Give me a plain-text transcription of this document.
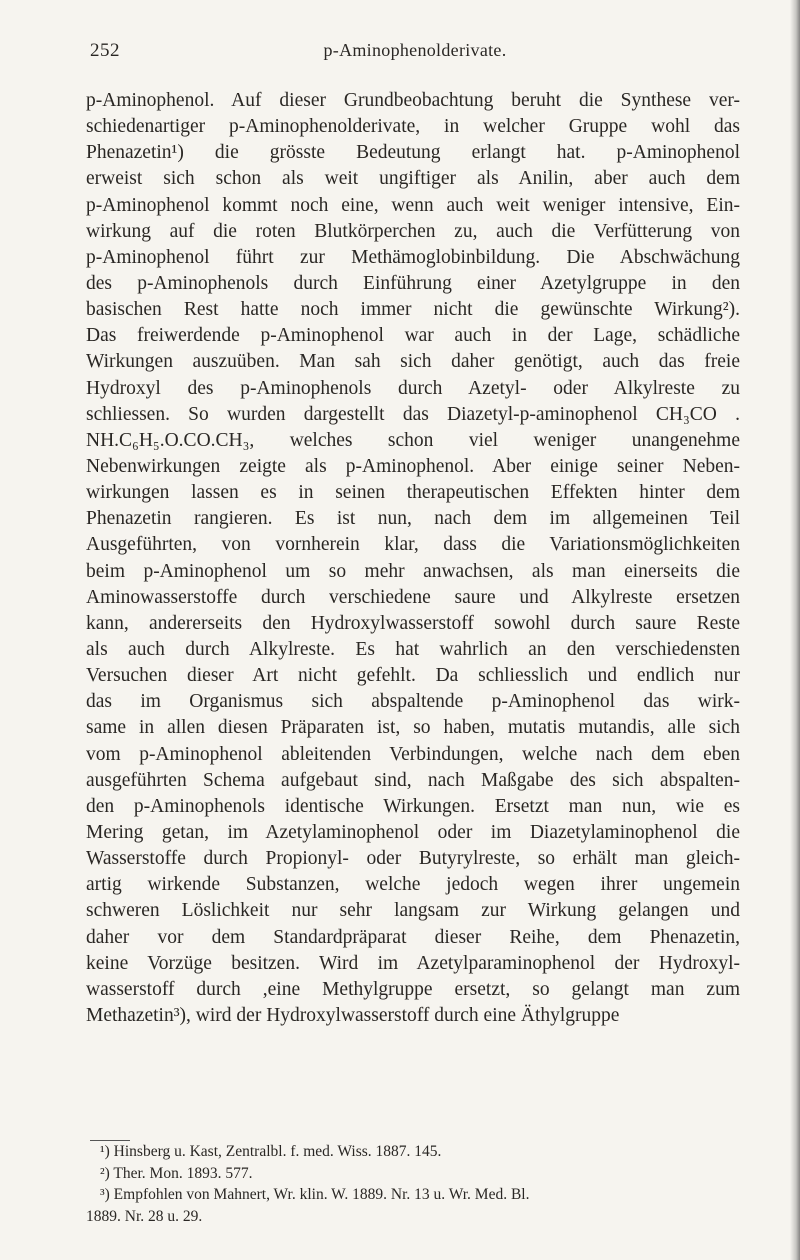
252	p-Aminophenolderivate.
p-Aminophenol. Auf dieser Grundbeobachtung beruht die Synthese ver-
schiedenartiger p-Aminophenolderivate, in welcher Gruppe wohl das
Phenazetin¹) die grösste Bedeutung erlangt hat. p-Aminophenol
erweist sich schon als weit ungiftiger als Anilin, aber auch dem
p-Aminophenol kommt noch eine, wenn auch weit weniger intensive, Ein-
wirkung auf die roten Blutkörperchen zu, auch die Verfütterung von
p-Aminophenol führt zur Methämoglobinbildung. Die Abschwächung
des p-Aminophenols durch Einführung einer Azetylgruppe in den
basischen Rest hatte noch immer nicht die gewünschte Wirkung²).
Das freiwerdende p-Aminophenol war auch in der Lage, schädliche
Wirkungen auszuüben. Man sah sich daher genötigt, auch das freie
Hydroxyl des p-Aminophenols durch Azetyl- oder Alkylreste zu
schliessen. So wurden dargestellt das Diazetyl-p-aminophenol CH₃CO .
NH.C₆H₅.O.CO.CH₃, welches schon viel weniger unangenehme
Nebenwirkungen zeigte als p-Aminophenol. Aber einige seiner Neben-
wirkungen lassen es in seinen therapeutischen Effekten hinter dem
Phenazetin rangieren. Es ist nun, nach dem im allgemeinen Teil
Ausgeführten, von vornherein klar, dass die Variationsmöglichkeiten
beim p-Aminophenol um so mehr anwachsen, als man einerseits die
Aminowasserstoffe durch verschiedene saure und Alkylreste ersetzen
kann, andererseits den Hydroxylwasserstoff sowohl durch saure Reste
als auch durch Alkylreste. Es hat wahrlich an den verschiedensten
Versuchen dieser Art nicht gefehlt. Da schliesslich und endlich nur
das im Organismus sich abspaltende p-Aminophenol das wirk-
same in allen diesen Präparaten ist, so haben, mutatis mutandis, alle sich
vom p-Aminophenol ableitenden Verbindungen, welche nach dem eben
ausgeführten Schema aufgebaut sind, nach Maßgabe des sich abspalten-
den p-Aminophenols identische Wirkungen. Ersetzt man nun, wie es
Mering getan, im Azetylaminophenol oder im Diazetylaminophenol die
Wasserstoffe durch Propionyl- oder Butyrylreste, so erhält man gleich-
artig wirkende Substanzen, welche jedoch wegen ihrer ungemein
schweren Löslichkeit nur sehr langsam zur Wirkung gelangen und
daher vor dem Standardpräparat dieser Reihe, dem Phenazetin,
keine Vorzüge besitzen. Wird im Azetylparaminophenol der Hydroxyl-
wasserstoff durch ,eine Methylgruppe ersetzt, so gelangt man zum
Methazetin³), wird der Hydroxylwasserstoff durch eine Äthylgruppe
¹) Hinsberg u. Kast, Zentralbl. f. med. Wiss. 1887. 145.
²) Ther. Mon. 1893. 577.
³) Empfohlen von Mahnert, Wr. klin. W. 1889. Nr. 13 u. Wr. Med. Bl.
1889. Nr. 28 u. 29.
